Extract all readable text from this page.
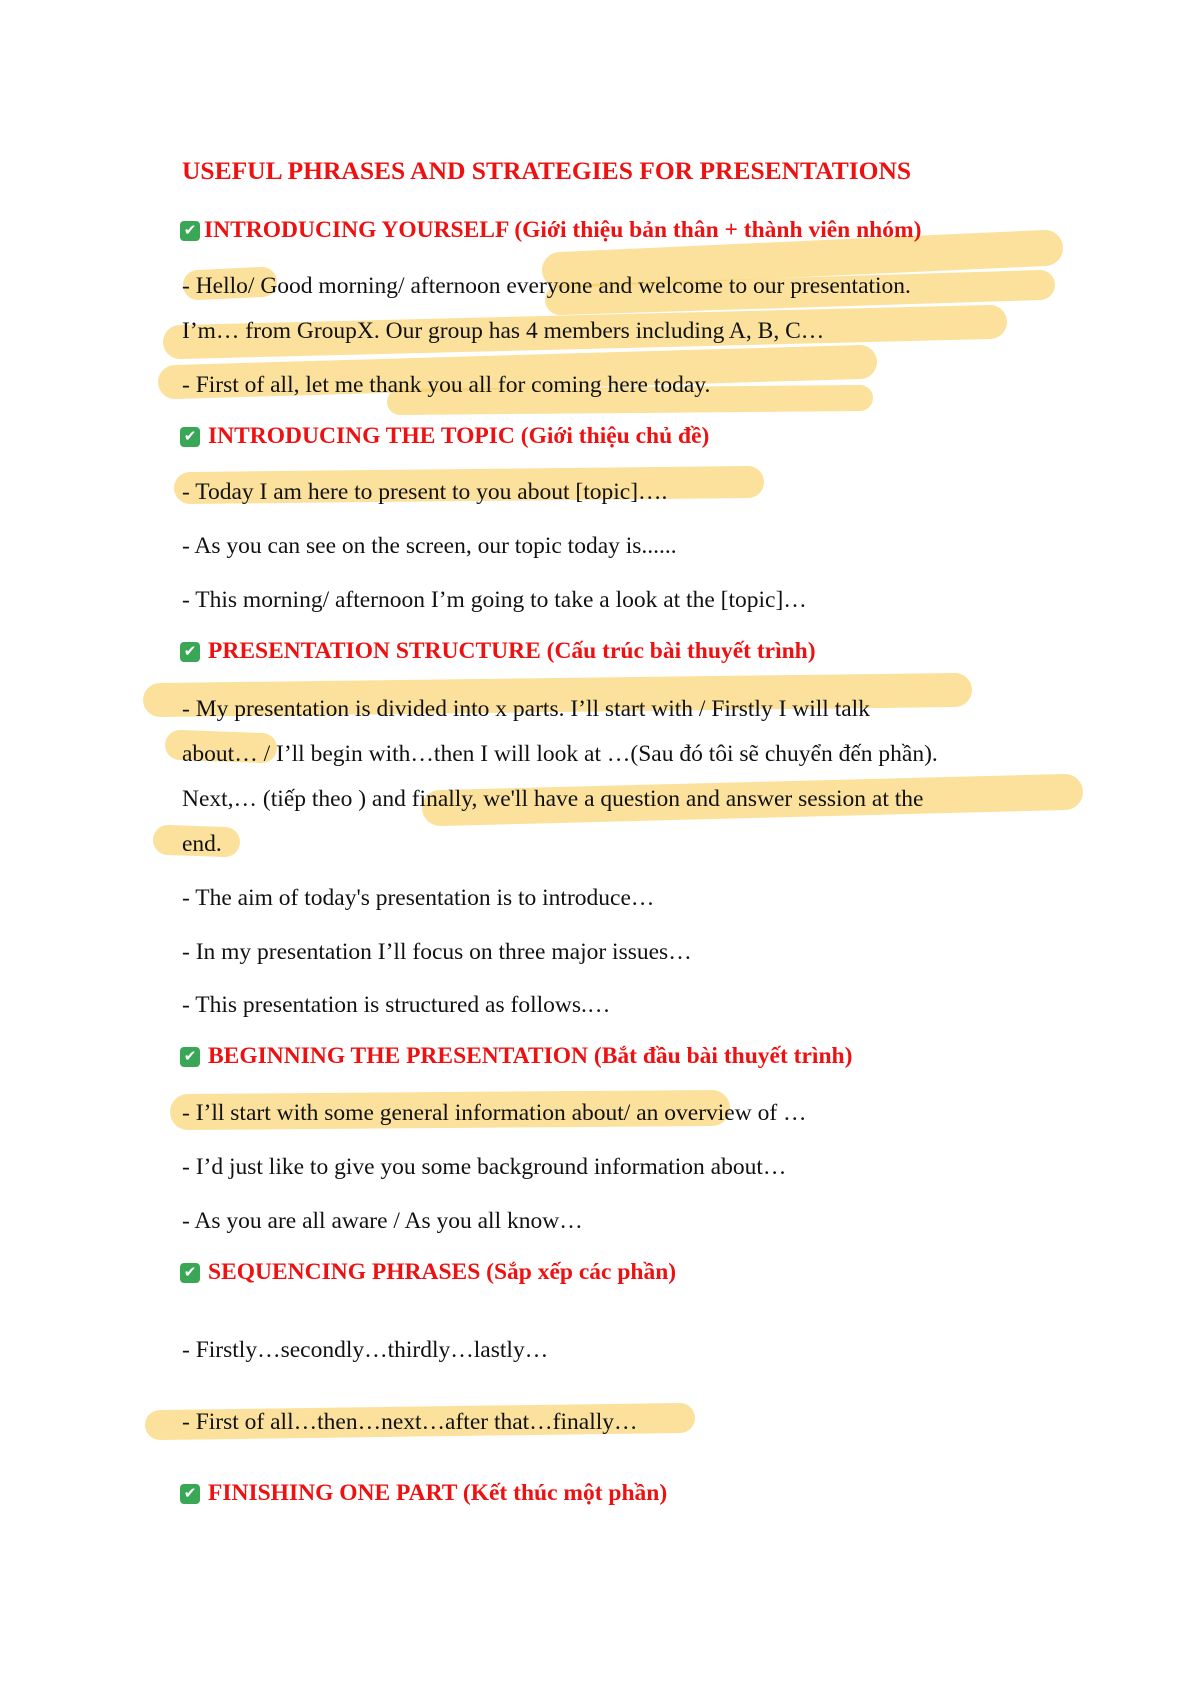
USEFUL PHRASES AND STRATEGIES FOR PRESENTATIONS
✔ INTRODUCING YOURSELF (Giới thiệu bản thân + thành viên nhóm)
- Hello/ Good morning/ afternoon everyone and welcome to our presentation.
I’m… from GroupX. Our group has 4 members including A, B, C…
- First of all, let me thank you all for coming here today.
✔ INTRODUCING THE TOPIC (Giới thiệu chủ đề)
- Today I am here to present to you about [topic]….
- As you can see on the screen, our topic today is......
- This morning/ afternoon I’m going to take a look at the [topic]…
✔ PRESENTATION STRUCTURE (Cấu trúc bài thuyết trình)
- My presentation is divided into x parts. I’ll start with / Firstly I will talk
about… / I’ll begin with…then I will look at …(Sau đó tôi sẽ chuyển đến phần).
Next,… (tiếp theo ) and finally, we'll have a question and answer session at the
end.
- The aim of today's presentation is to introduce…
- In my presentation I’ll focus on three major issues…
- This presentation is structured as follows.…
✔ BEGINNING THE PRESENTATION (Bắt đầu bài thuyết trình)
- I’ll start with some general information about/ an overview of …
- I’d just like to give you some background information about…
- As you are all aware / As you all know…
✔ SEQUENCING PHRASES (Sắp xếp các phần)
- Firstly…secondly…thirdly…lastly…
- First of all…then…next…after that…finally…
✔ FINISHING ONE PART (Kết thúc một phần)
